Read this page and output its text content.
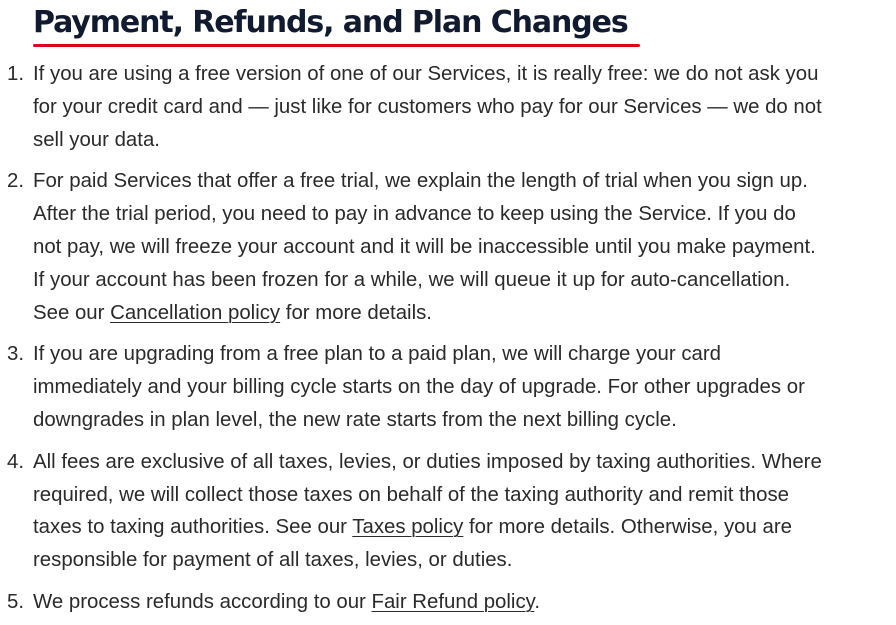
Payment, Refunds, and Plan Changes
1. If you are using a free version of one of our Services, it is really free: we do not ask you
for your credit card and — just like for customers who pay for our Services — we do not
sell your data.
2. For paid Services that offer a free trial, we explain the length of trial when you sign up.
After the trial period, you need to pay in advance to keep using the Service. If you do
not pay, we will freeze your account and it will be inaccessible until you make payment.
If your account has been frozen for a while, we will queue it up for auto-cancellation.
See our Cancellation policy for more details.
3. If you are upgrading from a free plan to a paid plan, we will charge your card
immediately and your billing cycle starts on the day of upgrade. For other upgrades or
downgrades in plan level, the new rate starts from the next billing cycle.
4. All fees are exclusive of all taxes, levies, or duties imposed by taxing authorities. Where
required, we will collect those taxes on behalf of the taxing authority and remit those
taxes to taxing authorities. See our Taxes policy for more details. Otherwise, you are
responsible for payment of all taxes, levies, or duties.
5. We process refunds according to our Fair Refund policy.
